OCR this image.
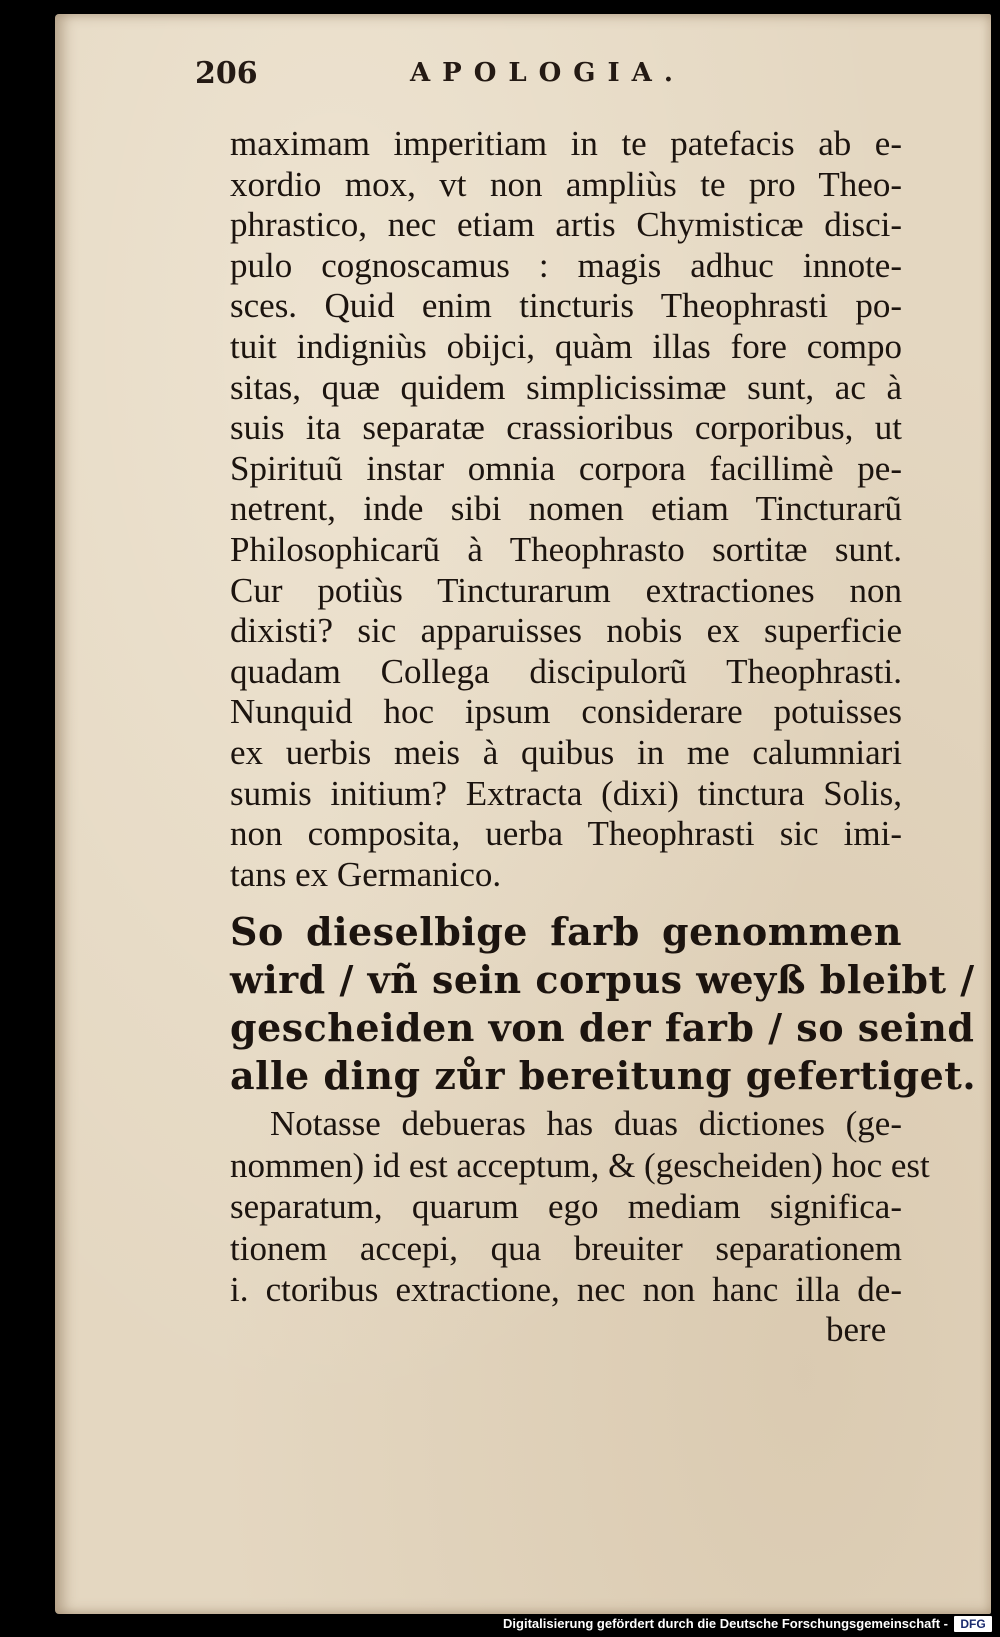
206	APOLOGIA.
maximam imperitiam in te patefacis ab e-
xordio mox, vt non ampliùs te pro Theo-
phrastico, nec etiam artis Chymisticæ disci-
pulo cognoscamus : magis adhuc innote-
sces. Quid enim tincturis Theophrasti po-
tuit indigniùs obijci, quàm illas fore compo
sitas, quæ quidem simplicissimæ sunt, ac à
suis ita separatæ crassioribus corporibus, ut
Spirituũ instar omnia corpora facillimè pe-
netrent, inde sibi nomen etiam Tincturarũ
Philosophicarũ à Theophrasto sortitæ sunt.
Cur potiùs Tincturarum extractiones non
dixisti? sic apparuisses nobis ex superficie
quadam Collega discipulorũ Theophrasti.
Nunquid hoc ipsum considerare potuisses
ex uerbis meis à quibus in me calumniari
sumis initium? Extracta (dixi) tinctura Solis,
non composita, uerba Theophrasti sic imi-
tans ex Germanico.
So dieselbige farb genommen
wird / vñ sein corpus weyß bleibt /
gescheiden von der farb / so seind
alle ding zůr bereitung gefertiget.
Notasse debueras has duas dictiones (ge-
nommen) id est acceptum, & (gescheiden) hoc est
separatum, quarum ego mediam significa-
tionem accepi, qua breuiter separationem
i. ctoribus extractione, nec non hanc illa de-
bere
Digitalisierung gefördert durch die Deutsche Forschungsgemeinschaft -	DFG
